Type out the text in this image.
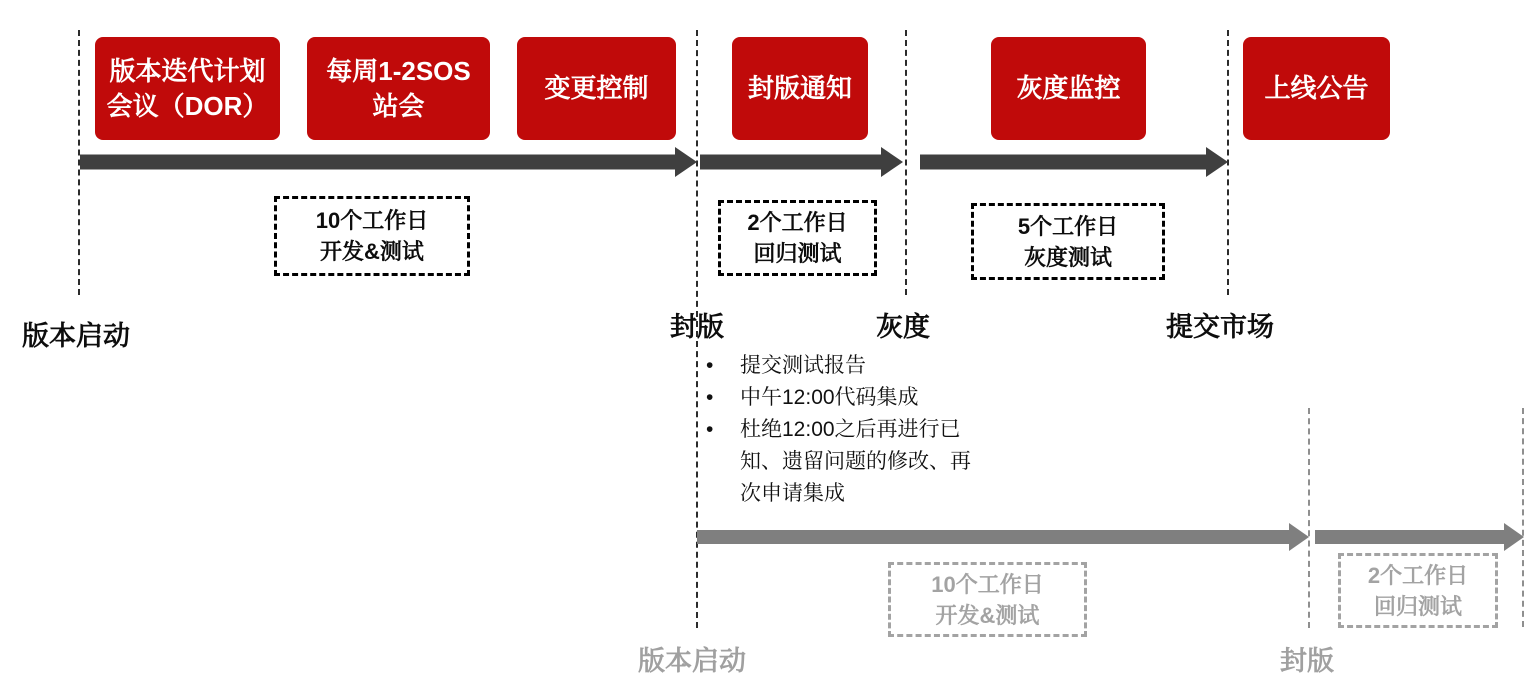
版本迭代计划
会议（DOR）
每周1-2SOS
站会
变更控制	封版通知	灰度监控	上线公告
10个工作日
开发&测试
2个工作日
回归测试
5个工作日
灰度测试
版本启动	封版	灰度	提交市场
•	提交测试报告
•	中午12:00代码集成
•	杜绝12:00之后再进行已知、遗留问题的修改、再次申请集成
10个工作日
开发&测试
2个工作日
回归测试
版本启动	封版
